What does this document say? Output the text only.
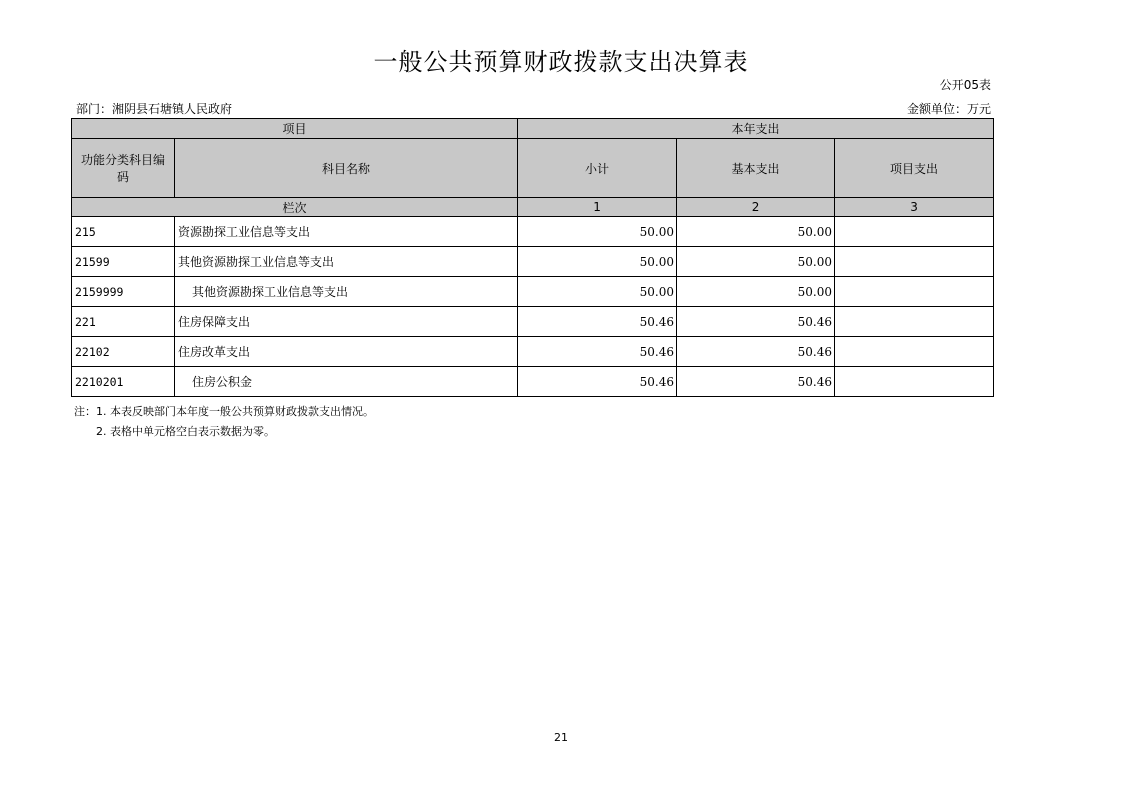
一般公共预算财政拨款支出决算表
公开05表
部门：湘阴县石塘镇人民政府	金额单位：万元
项目		本年支出		
功能分类科目编码	科目名称	小计	基本支出	项目支出
栏次		1	2	3
215	资源勘探工业信息等支出	50.00	50.00	
21599	其他资源勘探工业信息等支出	50.00	50.00	
2159999	其他资源勘探工业信息等支出	50.00	50.00	
221	住房保障支出	50.46	50.46	
22102	住房改革支出	50.46	50.46	
2210201	住房公积金	50.46	50.46	
注：1. 本表反映部门本年度一般公共预算财政拨款支出情况。
2. 表格中单元格空白表示数据为零。
21
